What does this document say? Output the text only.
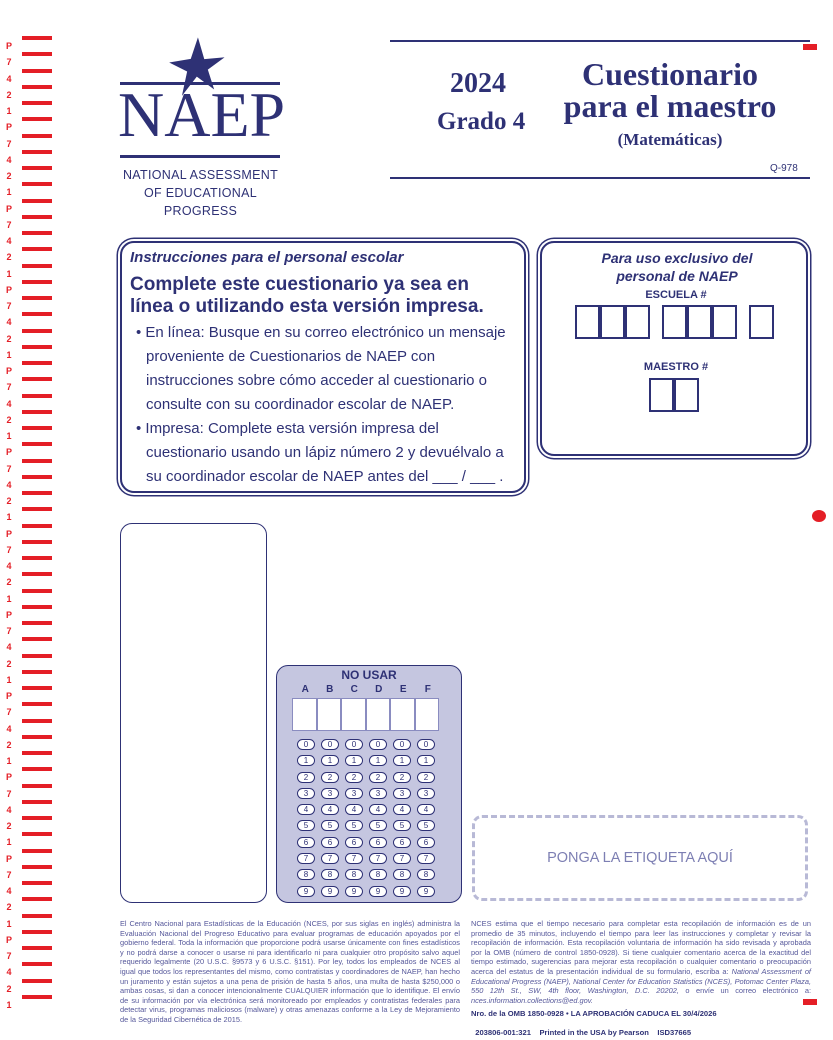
P
7
4
2
1
P
7
4
2
1
P
7
4
2
1
P
7
4
2
1
P
7
4
2
1
P
7
4
2
1
P
7
4
2
1
P
7
4
2
1
P
7
4
2
1
P
7
4
2
1
P
7
4
2
1
P
7
4
2
1
NAEP
NATIONAL ASSESSMENT
OF EDUCATIONAL
PROGRESS
2024
Grado 4
Cuestionario
para el maestro
(Matemáticas)
Q-978
Instrucciones para el personal escolar
Complete este cuestionario ya sea en línea o utilizando esta versión impresa.
• En línea: Busque en su correo electrónico un mensaje proveniente de Cuestionarios de NAEP con instrucciones sobre cómo acceder al cuestionario o consulte con su coordinador escolar de NAEP.
• Impresa: Complete esta versión impresa del cuestionario usando un lápiz número 2 y devuélvalo a su coordinador escolar de NAEP antes del ___ / ___ .
Para uso exclusivo del personal de NAEP
ESCUELA #
MAESTRO #
NO USAR
A	B	C	D	E	F
0 0 0 0 0 0
1 1 1 1 1 1
2 2 2 2 2 2
3 3 3 3 3 3
4 4 4 4 4 4
5 5 5 5 5 5
6 6 6 6 6 6
7 7 7 7 7 7
8 8 8 8 8 8
9 9 9 9 9 9
PONGA LA ETIQUETA AQUÍ
El Centro Nacional para Estadísticas de la Educación (NCES, por sus siglas en inglés) administra la Evaluación Nacional del Progreso Educativo para evaluar programas de educación apoyados por el gobierno federal. Toda la información que proporcione podrá usarse únicamente con fines estadísticos y no podrá darse a conocer o usarse ni para identificarlo ni para cualquier otro propósito salvo aquel requerido legalmente (20 U.S.C. §9573 y 6 U.S.C. §151). Por ley, todos los empleados de NCES al igual que todos los representantes del mismo, como contratistas y coordinadores de NAEP, han hecho un juramento y están sujetos a una pena de prisión de hasta 5 años, una multa de hasta $250,000 o ambas cosas, si dan a conocer intencionalmente CUALQUIER información que lo identifique. El envío de su información por vía electrónica será monitoreado por empleados y contratistas federales para detectar virus, programas maliciosos (malware) y otras amenazas conforme a la Ley de Mejoramiento de la Seguridad Cibernética de 2015.
NCES estima que el tiempo necesario para completar esta recopilación de información es de un promedio de 35 minutos, incluyendo el tiempo para leer las instrucciones y completar y revisar la recopilación de información. Esta recopilación voluntaria de información ha sido revisada y aprobada por la OMB (número de control 1850-0928). Si tiene cualquier comentario acerca de la exactitud del tiempo estimado, sugerencias para mejorar esta recopilación o cualquier comentario o preocupación acerca del estatus de la presentación individual de su formulario, escriba a: National Assessment of Educational Progress (NAEP), National Center for Education Statistics (NCES), Potomac Center Plaza, 550 12th St., SW, 4th floor, Washington, D.C. 20202, o envíe un correo electrónico a: nces.information.collections@ed.gov.
Nro. de la OMB 1850-0928 • LA APROBACIÓN CADUCA EL 30/4/2026

203806-001:321 Printed in the USA by Pearson ISD37665
